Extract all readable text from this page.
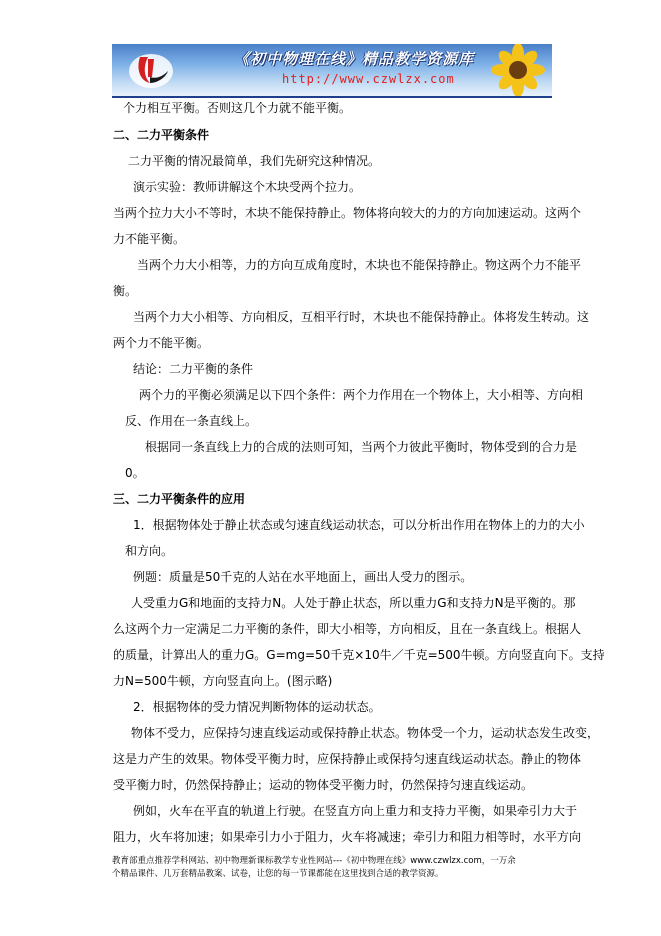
《初中物理在线》精品教学资源库
http://www.czwlzx.com
个力相互平衡。否则这几个力就不能平衡。
二、二力平衡条件
二力平衡的情况最简单，我们先研究这种情况。
演示实验：教师讲解这个木块受两个拉力。
当两个拉力大小不等时，木块不能保持静止。物体将向较大的力的方向加速运动。这两个
力不能平衡。
当两个力大小相等，力的方向互成角度时，木块也不能保持静止。物这两个力不能平
衡。
当两个力大小相等、方向相反，互相平行时，木块也不能保持静止。体将发生转动。这
两个力不能平衡。
结论：二力平衡的条件
两个力的平衡必须满足以下四个条件：两个力作用在一个物体上，大小相等、方向相
反、作用在一条直线上。
根据同一条直线上力的合成的法则可知，当两个力彼此平衡时，物体受到的合力是
0。
三、二力平衡条件的应用
1．根据物体处于静止状态或匀速直线运动状态，可以分析出作用在物体上的力的大小
和方向。
例题：质量是50千克的人站在水平地面上，画出人受力的图示。
人受重力G和地面的支持力N。人处于静止状态，所以重力G和支持力N是平衡的。那
么这两个力一定满足二力平衡的条件，即大小相等，方向相反，且在一条直线上。根据人
的质量，计算出人的重力G。G=mg=50千克×10牛／千克=500牛顿。方向竖直向下。支持
力N=500牛顿，方向竖直向上。(图示略)
2．根据物体的受力情况判断物体的运动状态。
物体不受力，应保持匀速直线运动或保持静止状态。物体受一个力，运动状态发生改变，
这是力产生的效果。物体受平衡力时，应保持静止或保持匀速直线运动状态。静止的物体
受平衡力时，仍然保持静止；运动的物体受平衡力时，仍然保持匀速直线运动。
例如，火车在平直的轨道上行驶。在竖直方向上重力和支持力平衡，如果牵引力大于
阻力，火车将加速；如果牵引力小于阻力，火车将减速；牵引力和阻力相等时，水平方向
教育部重点推荐学科网站、初中物理新课标教学专业性网站---《初中物理在线》www.czwlzx.com，一万余
个精品课件、几万套精品教案、试卷，让您的每一节课都能在这里找到合适的教学资源。
